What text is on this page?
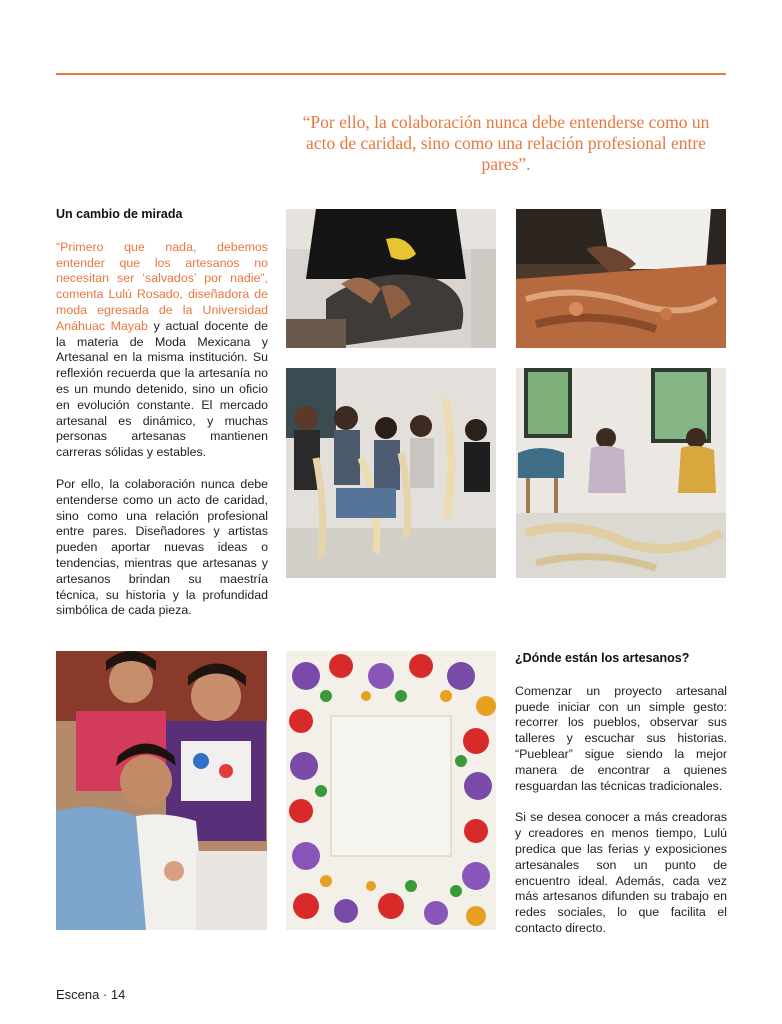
“Por ello, la colaboración nunca debe entenderse como un acto de caridad, sino como una relación profesional entre pares”.
Un cambio de mirada

“Primero que nada, debemos entender que los artesanos no necesitan ser ‘salvados’ por nadie”, comenta Lulú Rosado, diseñadora de moda egresada de la Universidad Anáhuac Mayab y actual docente de la materia de Moda Mexicana y Artesanal en la misma institución. Su reflexión recuerda que la artesanía no es un mundo detenido, sino un oficio en evolución constante. El mercado artesanal es dinámico, y muchas personas artesanas mantienen carreras sólidas y estables.

Por ello, la colaboración nunca debe entenderse como un acto de caridad, sino como una relación profesional entre pares. Diseñadores y artistas pueden aportar nuevas ideas o tendencias, mientras que artesanas y artesanos brindan su maestría técnica, su historia y la profundidad simbólica de cada pieza.

¿Dónde están los artesanos?

Comenzar un proyecto artesanal puede iniciar con un simple gesto: recorrer los pueblos, observar sus talleres y escuchar sus historias. “Pueblear” sigue siendo la mejor manera de encontrar a quienes resguardan las técnicas tradicionales.

Si se desea conocer a más creadoras y creadores en menos tiempo, Lulú predica que las ferias y exposiciones artesanales son un punto de encuentro ideal. Además, cada vez más artesanos difunden su trabajo en redes sociales, lo que facilita el contacto directo.

Escena · 14
